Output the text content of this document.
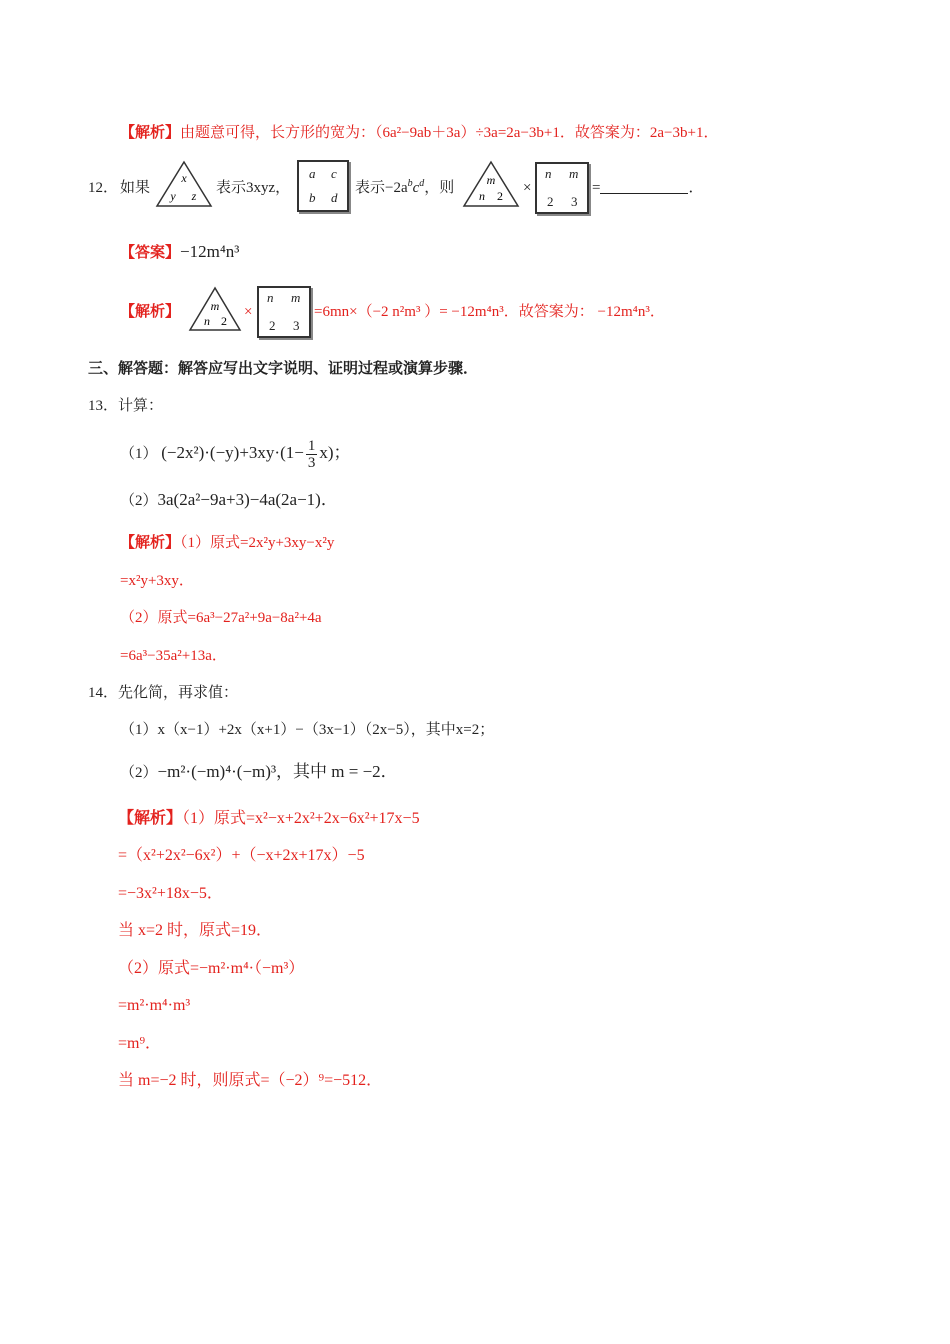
【解析】由题意可得，长方形的宽为：（6a²−9ab＋3a）÷3a=2a−3b+1．故答案为：2a−3b+1．
12． 如果
x
y z 表示3xyz，
a c
b d
表示$-2a^bc^d$，则	m
n 2 ×
n m
2 3
=	．
【答案】−12m⁴n³
【解析】	m
n 2
×
n m
2 3
=6mn×（−2 n²m³ ）= −12m⁴n³．故答案为： −12m⁴n³．
三、解答题：解答应写出文字说明、证明过程或演算步骤．
13．计算：
（1） $(-2x^2)\cdot(-y)+3xy\cdot(1- \frac{1}{3} x)$；
（2）3a(2a²−9a+3)−4a(2a−1)．
【解析】（1）原式=2x²y+3xy−x²y
=x²y+3xy．
（2）原式=6a³−27a²+9a−8a²+4a
=6a³−35a²+13a．
14．先化简，再求值：
（1）x（x−1）+2x（x+1）−（3x−1）（2x−5），其中x=2；
（2）−m²·(−m)⁴·(−m)³，其中 m = −2．
【解析】（1）原式=x²−x+2x²+2x−6x²+17x−5
=（x²+2x²−6x²）+（−x+2x+17x）−5
=−3x²+18x−5．
当 x=2 时，原式=19．
（2）原式=−m²·m⁴·（−m³）
=m²·m⁴·m³
=m⁹．
当 m=−2 时，则原式=（−2）⁹=−512．
